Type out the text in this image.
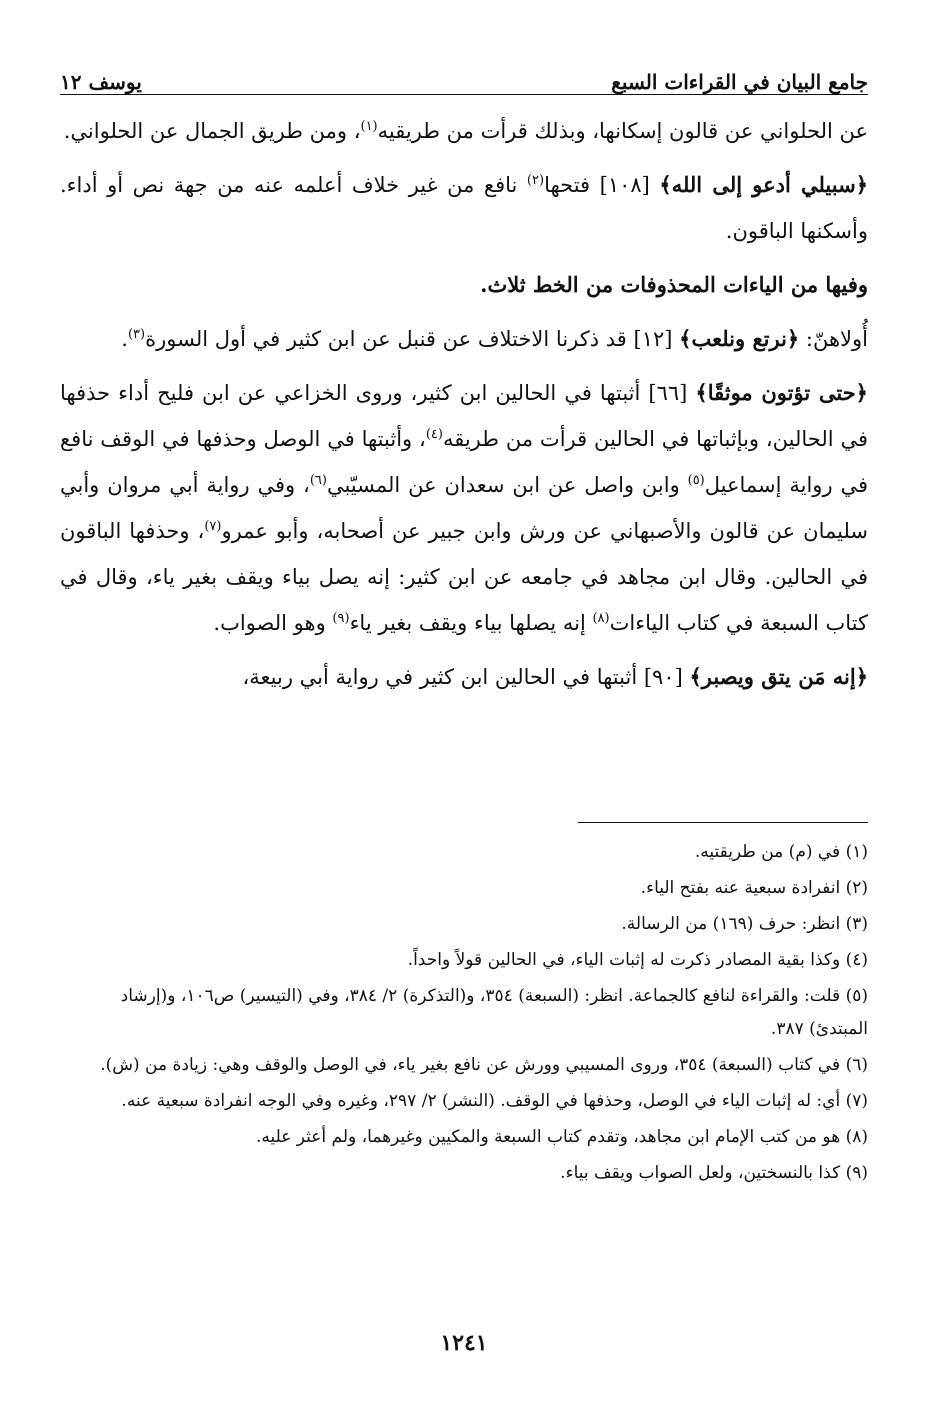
جامع البيان في القراءات السبع
يوسف ١٢

عن الحلواني عن قالون إسكانها، وبذلك قرأت من طريقيه$^{(١)}$، ومن طريق الجمال عن الحلواني.

﴿سبيلي أدعو إلى الله﴾ [١٠٨] فتحها$^{(٢)}$ نافع من غير خلاف أعلمه عنه من جهة نص أو أداء. وأسكنها الباقون.

وفيها من الياءات المحذوفات من الخط ثلاث.

أُولاهنّ: ﴿نرتع ونلعب﴾ [١٢] قد ذكرنا الاختلاف عن قنبل عن ابن كثير في أول السورة$^{(٣)}$.

﴿حتى تؤتون موثقًا﴾ [٦٦] أثبتها في الحالين ابن كثير، وروى الخزاعي عن ابن فليح أداء حذفها في الحالين، وبإثباتها في الحالين قرأت من طريقه$^{(٤)}$، وأثبتها في الوصل وحذفها في الوقف نافع في رواية إسماعيل$^{(٥)}$ وابن واصل عن ابن سعدان عن المسيّبي$^{(٦)}$، وفي رواية أبي مروان وأبي سليمان عن قالون والأصبهاني عن ورش وابن جبير عن أصحابه، وأبو عمرو$^{(٧)}$، وحذفها الباقون في الحالين. وقال ابن مجاهد في جامعه عن ابن كثير: إنه يصل بياء ويقف بغير ياء، وقال في كتاب السبعة في كتاب الياءات$^{(٨)}$ إنه يصلها بياء ويقف بغير ياء$^{(٩)}$ وهو الصواب.

﴿إنه مَن يتق ويصبر﴾ [٩٠] أثبتها في الحالين ابن كثير في رواية أبي ربيعة،

(١) في (م) من طريقتيه.
(٢) انفرادة سبعية عنه بفتح الياء.
(٣) انظر: حرف (١٦٩) من الرسالة.
(٤) وكذا بقية المصادر ذكرت له إثبات الياء، في الحالين قولاً واحداً.
(٥) قلت: والقراءة لنافع كالجماعة. انظر: (السبعة) ٣٥٤، و(التذكرة) ٢/ ٣٨٤، وفي (التيسير) ص١٠٦، و(إرشاد المبتدئ) ٣٨٧.
(٦) في كتاب (السبعة) ٣٥٤، وروى المسيبي وورش عن نافع بغير ياء، في الوصل والوقف وهي: زيادة من (ش).
(٧) أي: له إثبات الياء في الوصل، وحذفها في الوقف. (النشر) ٢/ ٢٩٧، وغيره وفي الوجه انفرادة سبعية عنه.
(٨) هو من كتب الإمام ابن مجاهد، وتقدم كتاب السبعة والمكيين وغيرهما، ولم أعثر عليه.
(٩) كذا بالنسختين، ولعل الصواب ويقف بياء.
١٢٤١
